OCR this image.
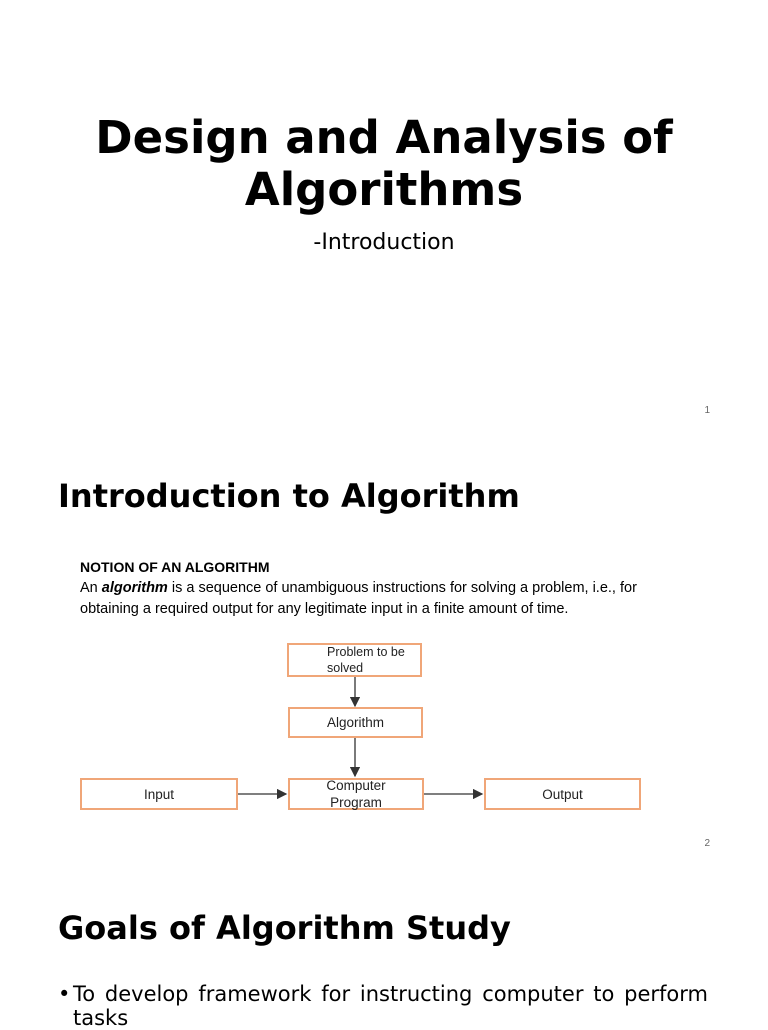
Design and Analysis of Algorithms
-Introduction
1
Introduction to Algorithm
NOTION OF AN ALGORITHM
An algorithm is a sequence of unambiguous instructions for solving a problem, i.e., for obtaining a required output for any legitimate input in a finite amount of time.
Problem to be solved
Algorithm
Input
Computer Program
Output
2
Goals of Algorithm Study
• To develop framework for instructing computer to perform tasks
